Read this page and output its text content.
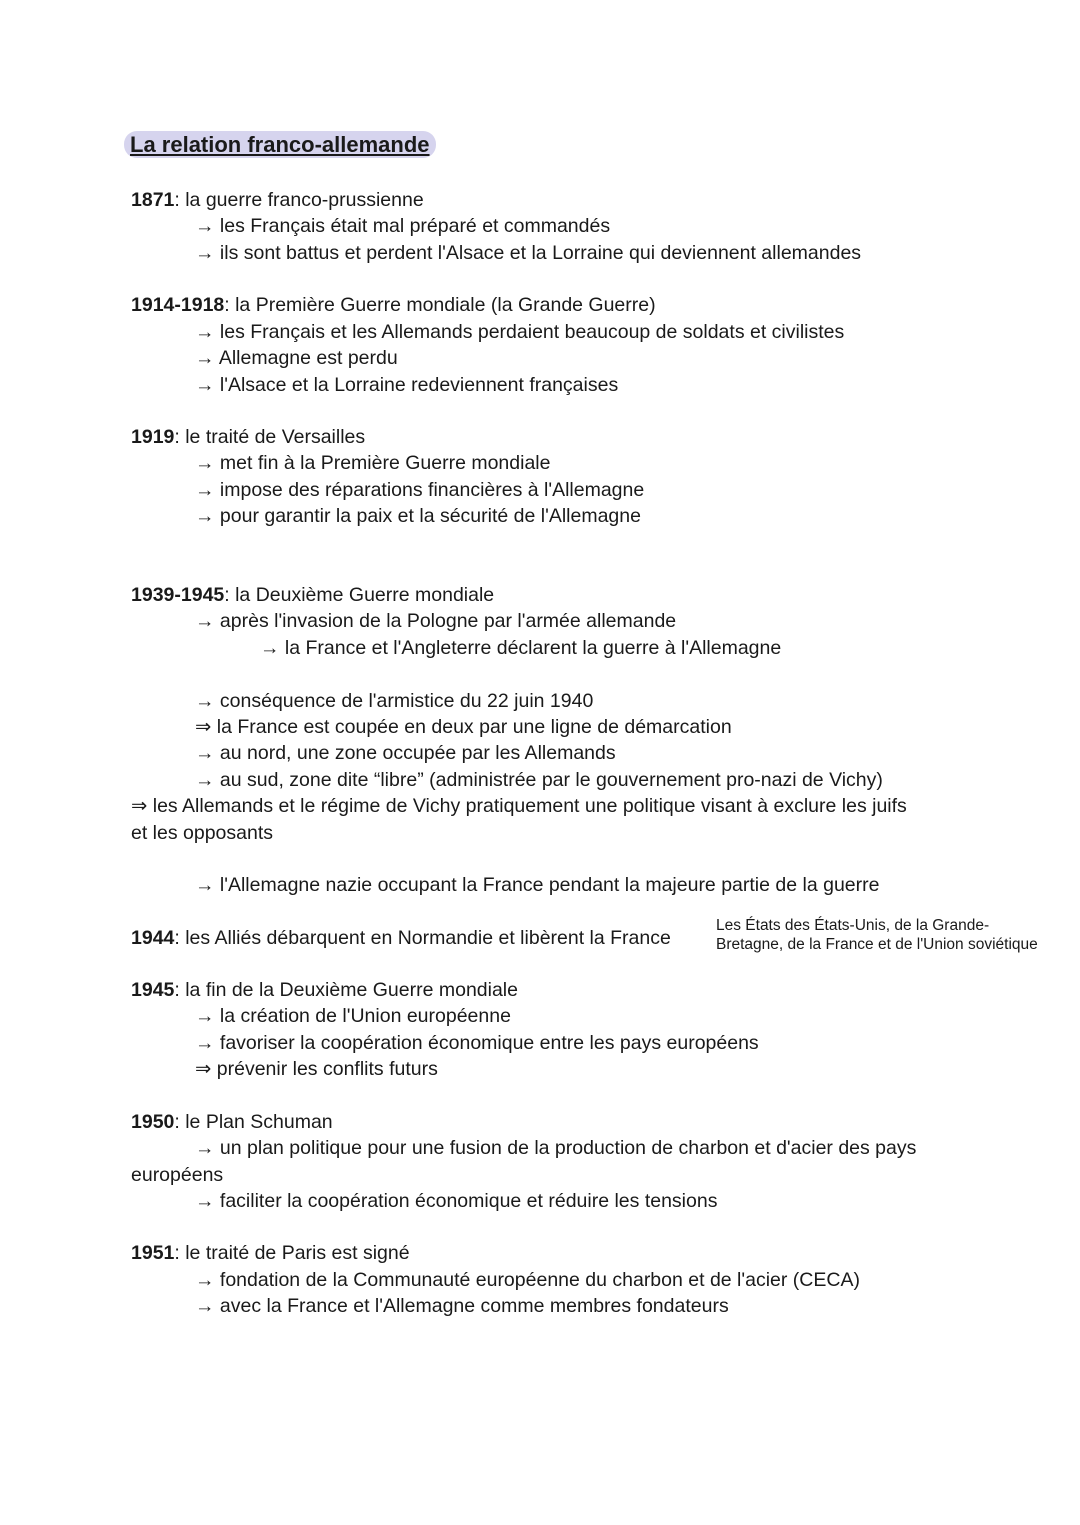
La relation franco-allemande
1871: la guerre franco-prussienne
→ les Français était mal préparé et commandés
→ ils sont battus et perdent l'Alsace et la Lorraine qui deviennent allemandes
1914-1918: la Première Guerre mondiale (la Grande Guerre)
→ les Français et les Allemands perdaient beaucoup de soldats et civilistes
→ Allemagne est perdu
→ l'Alsace et la Lorraine redeviennent françaises
1919: le traité de Versailles
→ met fin à la Première Guerre mondiale
→ impose des réparations financières à l'Allemagne
→ pour garantir la paix et la sécurité de l'Allemagne
1939-1945: la Deuxième Guerre mondiale
→ après l'invasion de la Pologne par l'armée allemande
→ la France et l'Angleterre déclarent la guerre à l'Allemagne
→ conséquence de l'armistice du 22 juin 1940
⇒ la France est coupée en deux par une ligne de démarcation
→ au nord, une zone occupée par les Allemands
→ au sud, zone dite “libre” (administrée par le gouvernement pro-nazi de Vichy)
⇒ les Allemands et le régime de Vichy pratiquement une politique visant à exclure les juifs
et les opposants
→ l'Allemagne nazie occupant la France pendant la majeure partie de la guerre
1944: les Alliés débarquent en Normandie et libèrent la France
Les États des États-Unis, de la Grande-
Bretagne, de la France et de l'Union soviétique
1945: la fin de la Deuxième Guerre mondiale
→ la création de l'Union européenne
→ favoriser la coopération économique entre les pays européens
⇒ prévenir les conflits futurs
1950: le Plan Schuman
→ un plan politique pour une fusion de la production de charbon et d'acier des pays
européens
→ faciliter la coopération économique et réduire les tensions
1951: le traité de Paris est signé
→ fondation de la Communauté européenne du charbon et de l'acier (CECA)
→ avec la France et l'Allemagne comme membres fondateurs
